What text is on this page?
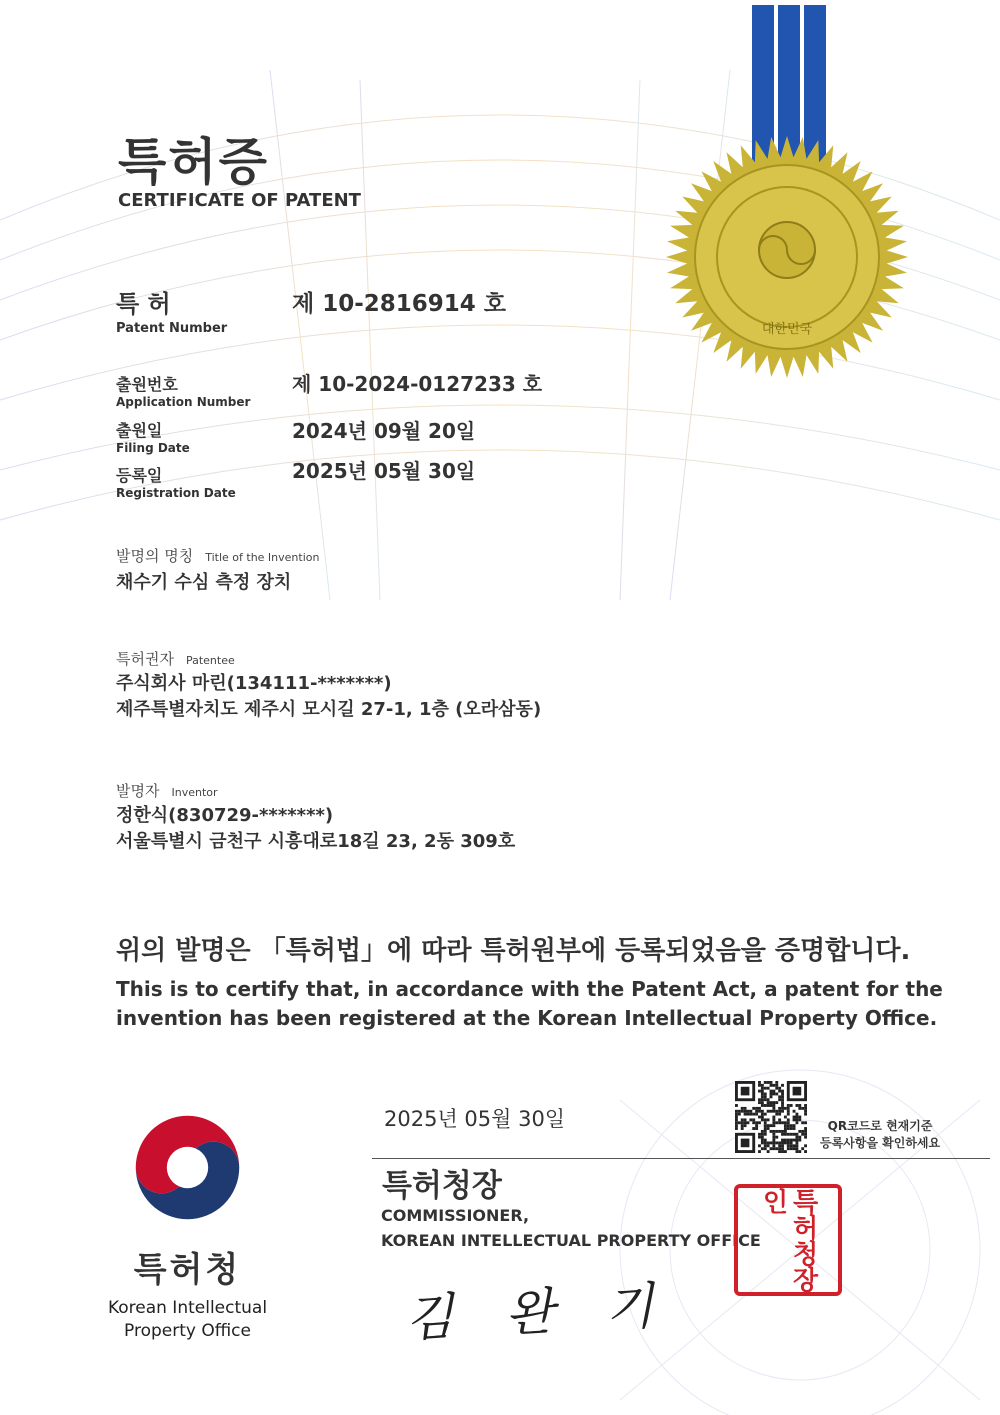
대한민국
특허증
CERTIFICATE OF PATENT
특 허
Patent Number
제 10-2816914 호
출원번호
Application Number
제 10-2024-0127233 호
출원일
Filing Date
2024년 09월 20일
등록일
Registration Date
2025년 05월 30일
발명의 명칭 Title of the Invention
채수기 수심 측정 장치
특허권자 Patentee
주식회사 마린(134111-*******)
제주특별자치도 제주시 모시길 27-1, 1층 (오라삼동)
발명자 Inventor
정한식(830729-*******)
서울특별시 금천구 시흥대로18길 23, 2동 309호
위의 발명은 「특허법」에 따라 특허원부에 등록되었음을 증명합니다.
This is to certify that, in accordance with the Patent Act, a patent for the
invention has been registered at the Korean Intellectual Property Office.
특허청
Korean Intellectual
Property Office
2025년 05월 30일	QR코드로 현재기준
등록사항을 확인하세요
특허청장
COMMISSIONER,
KOREAN INTELLECTUAL PROPERTY OFFICE	특허청장인
김 완 기
